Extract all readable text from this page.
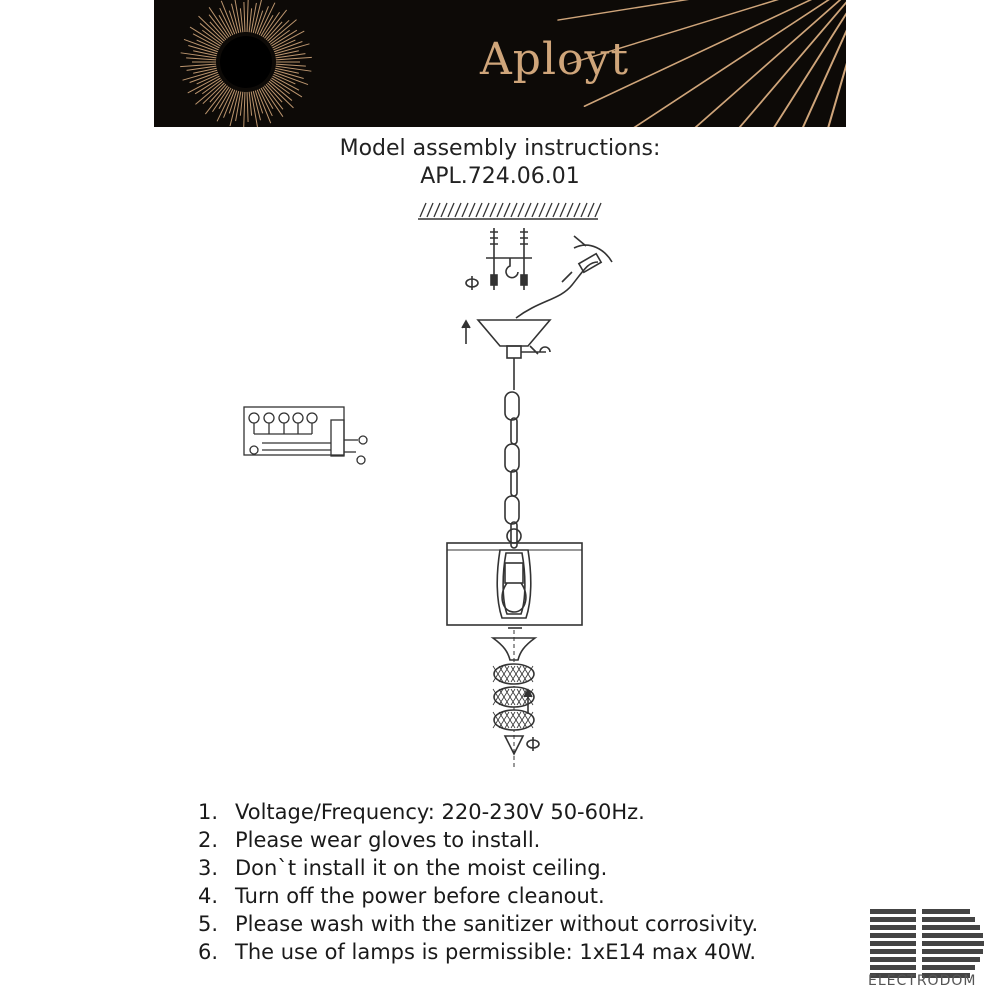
Aployt
Model assembly instructions:
APL.724.06.01
1. Voltage/Frequency: 220-230V 50-60Hz.
2. Please wear gloves to install.
3. Don`t install it on the moist ceiling.
4. Turn off the power before cleanout.
5. Please wash with the sanitizer without corrosivity.
6. The use of lamps is permissible: 1xE14 max 40W.
ELECTRODOM
